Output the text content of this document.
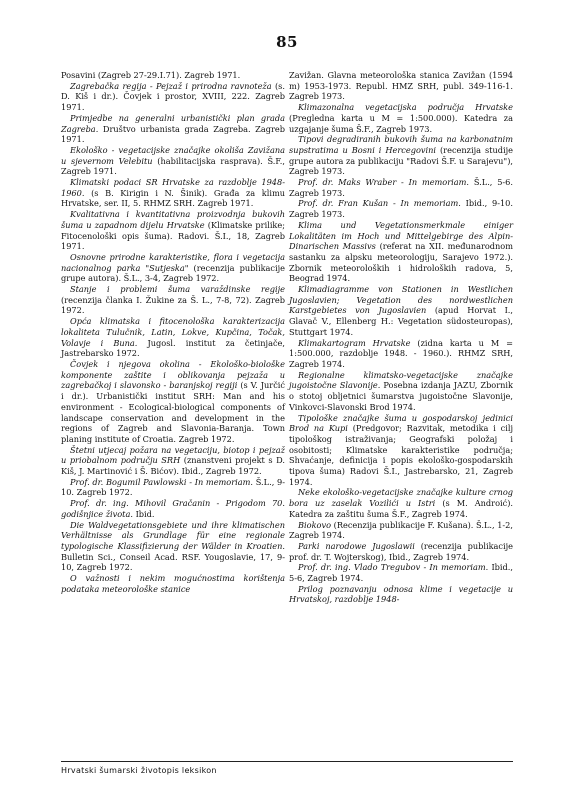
85

Posavini (Zagreb 27-29.I.71). Zagreb 1971.

Zagrebačka regija - Pejzaž i prirodna ravnoteža (s. D. Kiš i dr.). Čovjek i prostor, XVIII, 222. Zagreb 1971.

Primjedbe na generalni urbanistički plan grada Zagreba. Društvo urbanista grada Zagreba. Zagreb 1971.

Ekološko - vegetacijske značajke okoliša Zavižana u sjevernom Velebitu (habilitacijska rasprava). Š.F., Zagreb 1971.

Klimatski podaci SR Hrvatske za razdoblje 1948-1960. (s B. Kirigin i N. Šinik). Građa za klimu Hrvatske, ser. II, 5. RHMZ SRH. Zagreb 1971.

Kvalitativna i kvantitativna proizvodnja bukovih šuma u zapadnom dijelu Hrvatske (Klimatske prilike; Fitocenološki opis šuma). Radovi. Š.I., 18, Zagreb 1971.

Osnovne prirodne karakteristike, flora i vegetacija nacionalnog parka "Sutjeska" (recenzija publikacije grupe autora). Š.L., 3-4, Zagreb 1972.

Stanje i problemi šuma varaždinske regije (recenzija članka I. Žukine za Š. L., 7-8, 72). Zagreb 1972.

Opća klimatska i fitocenološka karakterizacija lokaliteta Tulučnik, Latin, Lokve, Kupčina, Točak, Volavje i Buna. Jugosl. institut za četinjače, Jastrebarsko 1972.

Čovjek i njegova okolina - Ekološko-biološke komponente zaštite i oblikovanja pejzaža u zagrebačkoj i slavonsko - baranjskoj regiji (s V. Jurčić i dr.). Urbanistički institut SRH: Man and his environment - Ecological-biological components of landscape conservation and development in the regions of Zagreb and Slavonia-Baranja. Town planing institute of Croatia. Zagreb 1972.

Štetni utjecaj požara na vegetaciju, biotop i pejzaž u priobalnom području SRH (znanstveni projekt s D. Kiš, J. Martinović i Š. Bićov). Ibid., Zagreb 1972.

Prof. dr. Bogumil Pawlowski - In memoriam. Š.L., 9-10. Zagreb 1972.

Prof. dr. ing. Mihovil Gračanin - Prigodom 70. godišnjice života. Ibid.

Die Waldvegetationsgebiete und ihre klimatischen Verhältnisse als Grundlage für eine regionale typologische Klassifizierung der Wälder in Kroatien. Bulletin Sci., Conseil Acad. RSF. Yougoslavie, 17, 9-10, Zagreb 1972.

O važnosti i nekim mogućnostima korištenja podataka meteorološke stanice

Zavižan. Glavna meteorološka stanica Zavižan (1594 m) 1953-1973. Republ. HMZ SRH, publ. 349-116-1. Zagreb 1973.

Klimazonalna vegetacijska područja Hrvatske (Pregledna karta u M = 1:500.000). Katedra za uzgajanje šuma Š.F., Zagreb 1973.

Tipovi degradiranih bukovih šuma na karbonatnim supstratima u Bosni i Hercegovini (recenzija studije grupe autora za publikaciju "Radovi Š.F. u Sarajevu"), Zagreb 1973.

Prof. dr. Maks Wraber - In memoriam. Š.L., 5-6. Zagreb 1973.

Prof. dr. Fran Kušan - In memoriam. Ibid., 9-10. Zagreb 1973.

Klima und Vegetationsmerkmale einiger Lokalitäten im Hoch und Mittelgebirge des Alpin-Dinarischen Massivs (referat na XII. međunarodnom sastanku za alpsku meteorologiju, Sarajevo 1972.). Zbornik meteoroloških i hidroloških radova, 5, Beograd 1974.

Klimadiagramme von Stationen in Westlichen Jugoslavien; Vegetation des nordwestlichen Karstgebietes von Jugoslavien (apud Horvat I., Glavač V., Ellenberg H.: Vegetation südosteuropas), Stuttgart 1974.

Klimakartogram Hrvatske (zidna karta u M = 1:500.000, razdoblje 1948. - 1960.). RHMZ SRH, Zagreb 1974.

Regionalne klimatsko-vegetacijske značajke jugoistočne Slavonije. Posebna izdanja JAZU, Zbornik o stotoj obljetnici šumarstva jugoistočne Slavonije, Vinkovci-Slavonski Brod 1974.

Tipološke značajke šuma u gospodarskoj jedinici Brod na Kupi (Predgovor; Razvitak, metodika i cilj tipološkog istraživanja; Geografski položaj i osobitosti; Klimatske karakteristike područja; Shvaćanje, definicija i popis ekološko-gospodarskih tipova šuma) Radovi Š.I., Jastrebarsko, 21, Zagreb 1974.

Neke ekološko-vegetacijske značajke kulture crnog bora uz zaselak Vozilići u Istri (s M. Androić). Katedra za zaštitu šuma Š.F., Zagreb 1974.

Biokovo (Recenzija publikacije F. Kušana). Š.L., 1-2, Zagreb 1974.

Parki narodowe Jugoslawii (recenzija publikacije prof. dr. T. Wojterskog), Ibid., Zagreb 1974.

Prof. dr. ing. Vlado Tregubov - In memoriam. Ibid., 5-6, Zagreb 1974.

Prilog poznavanju odnosa klime i vegetacije u Hrvatskoj, razdoblje 1948-

Hrvatski šumarski životopis leksikon
